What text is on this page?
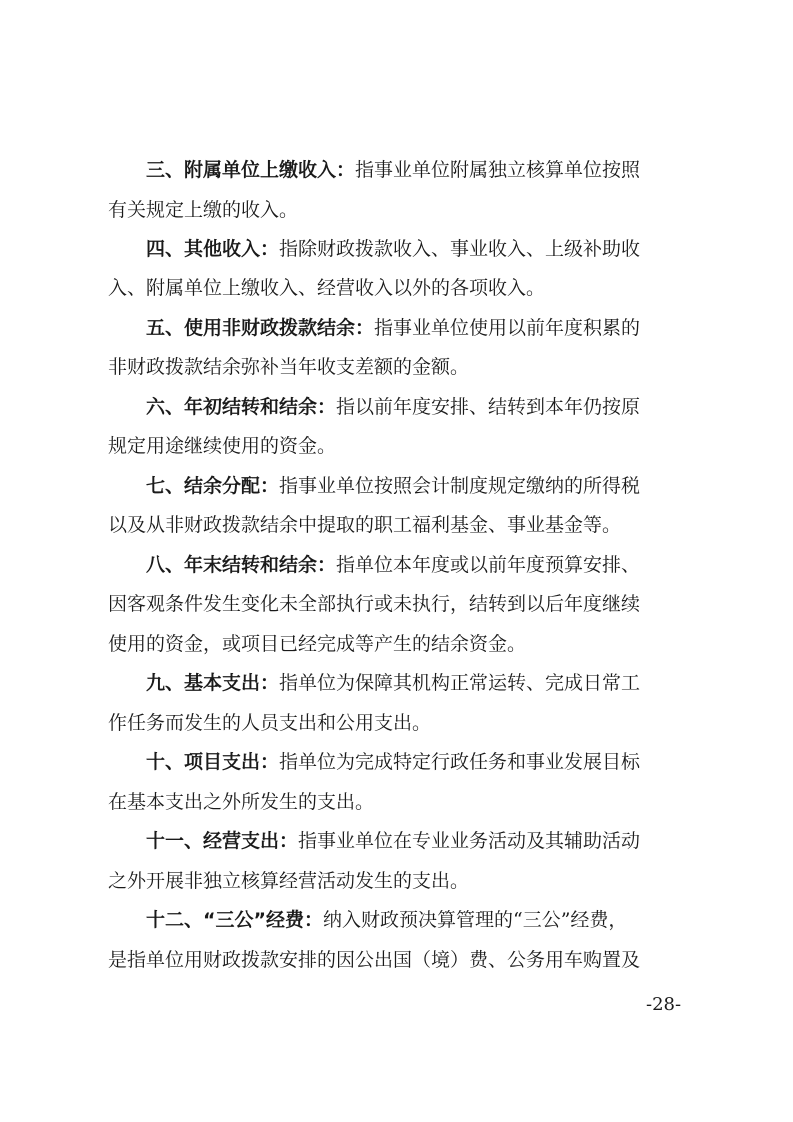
三、附属单位上缴收入：指事业单位附属独立核算单位按照
有关规定上缴的收入。
四、其他收入：指除财政拨款收入、事业收入、上级补助收
入、附属单位上缴收入、经营收入以外的各项收入。
五、使用非财政拨款结余：指事业单位使用以前年度积累的
非财政拨款结余弥补当年收支差额的金额。
六、年初结转和结余：指以前年度安排、结转到本年仍按原
规定用途继续使用的资金。
七、结余分配：指事业单位按照会计制度规定缴纳的所得税
以及从非财政拨款结余中提取的职工福利基金、事业基金等。
八、年末结转和结余：指单位本年度或以前年度预算安排、
因客观条件发生变化未全部执行或未执行，结转到以后年度继续
使用的资金，或项目已经完成等产生的结余资金。
九、基本支出：指单位为保障其机构正常运转、完成日常工
作任务而发生的人员支出和公用支出。
十、项目支出：指单位为完成特定行政任务和事业发展目标
在基本支出之外所发生的支出。
十一、经营支出：指事业单位在专业业务活动及其辅助活动
之外开展非独立核算经营活动发生的支出。
十二、“三公”经费：纳入财政预决算管理的“三公”经费，
是指单位用财政拨款安排的因公出国（境）费、公务用车购置及
-28-
